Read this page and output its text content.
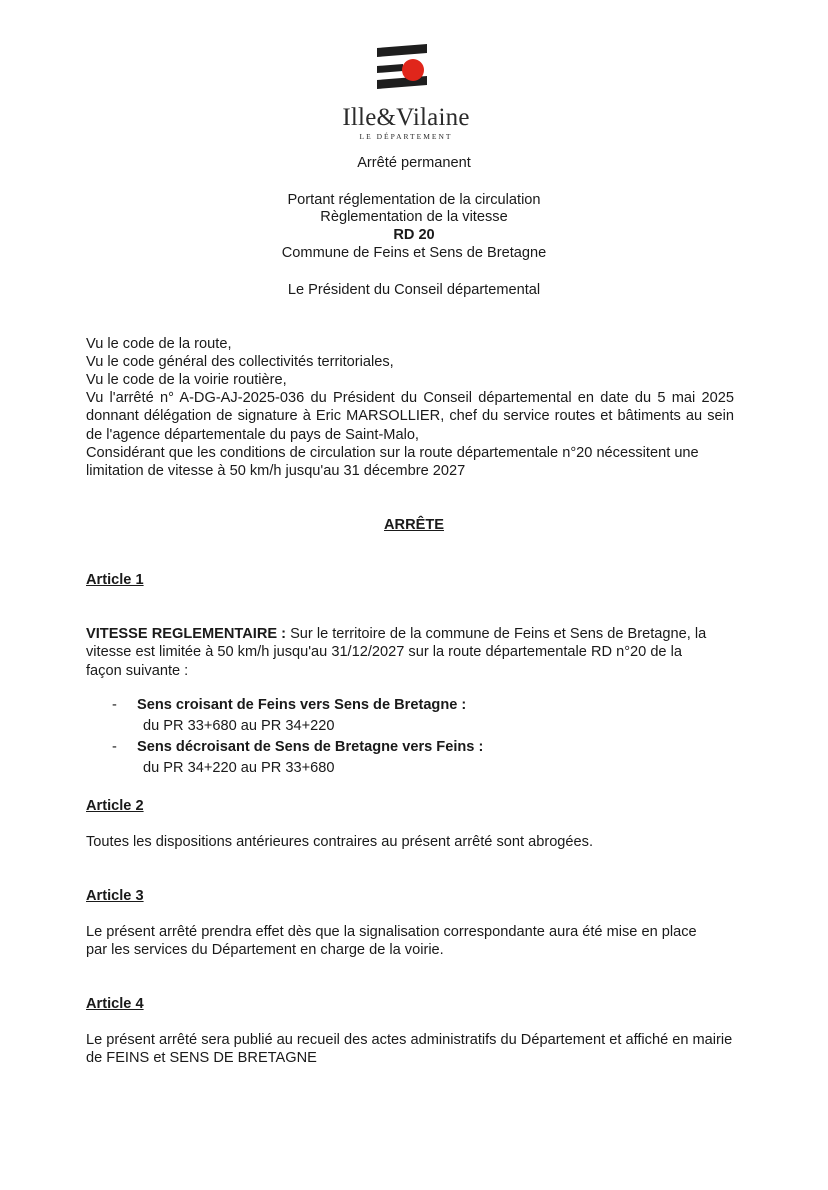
Ille&Vilaine
LE DÉPARTEMENT
Arrêté permanent
Portant réglementation de la circulation
Règlementation de la vitesse
RD 20
Commune de Feins et Sens de Bretagne
Le Président du Conseil départemental
Vu le code de la route,
Vu le code général des collectivités territoriales,
Vu le code de la voirie routière,
Vu l'arrêté n° A-DG-AJ-2025-036 du Président du Conseil départemental en date du 5 mai 2025 donnant délégation de signature à Eric MARSOLLIER, chef du service routes et bâtiments au sein de l'agence départementale du pays de Saint-Malo,
Considérant que les conditions de circulation sur la route départementale n°20 nécessitent une limitation de vitesse à 50 km/h jusqu'au 31 décembre 2027
ARRÊTE
Article 1
VITESSE REGLEMENTAIRE : Sur le territoire de la commune de Feins et Sens de Bretagne, la vitesse est limitée à 50 km/h jusqu'au 31/12/2027 sur la route départementale RD n°20 de la façon suivante :
- Sens croisant de Feins vers Sens de Bretagne :
du PR 33+680 au PR 34+220
- Sens décroisant de Sens de Bretagne vers Feins :
du PR 34+220 au PR 33+680
Article 2
Toutes les dispositions antérieures contraires au présent arrêté sont abrogées.
Article 3
Le présent arrêté prendra effet dès que la signalisation correspondante aura été mise en place par les services du Département en charge de la voirie.
Article 4
Le présent arrêté sera publié au recueil des actes administratifs du Département et affiché en mairie de FEINS et SENS DE BRETAGNE
